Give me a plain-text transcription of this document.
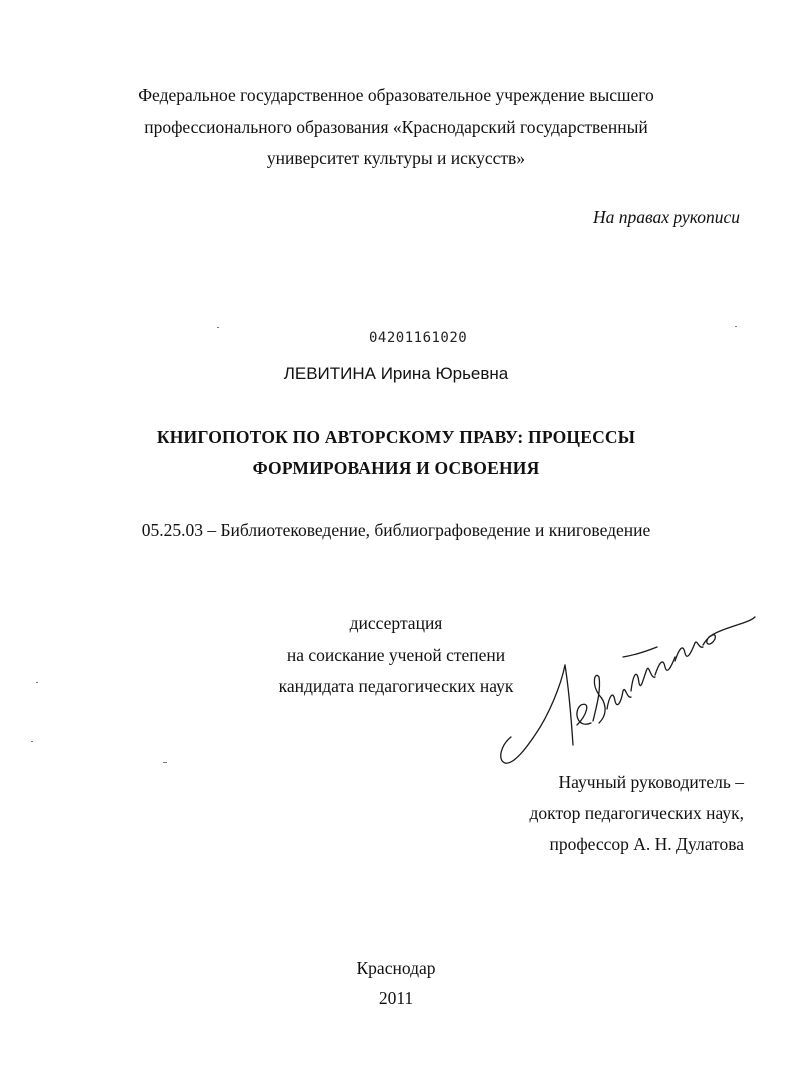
Федеральное государственное образовательное учреждение высшего
профессионального образования «Краснодарский государственный
университет культуры и искусств»
На правах рукописи
04201161020
ЛЕВИТИНА Ирина Юрьевна
КНИГОПОТОК ПО АВТОРСКОМУ ПРАВУ: ПРОЦЕССЫ
ФОРМИРОВАНИЯ И ОСВОЕНИЯ
05.25.03 – Библиотековедение, библиографоведение и книговедение
диссертация
на соискание ученой степени
кандидата педагогических наук
Научный руководитель –
доктор педагогических наук,
профессор А. Н. Дулатова
Краснодар
2011
